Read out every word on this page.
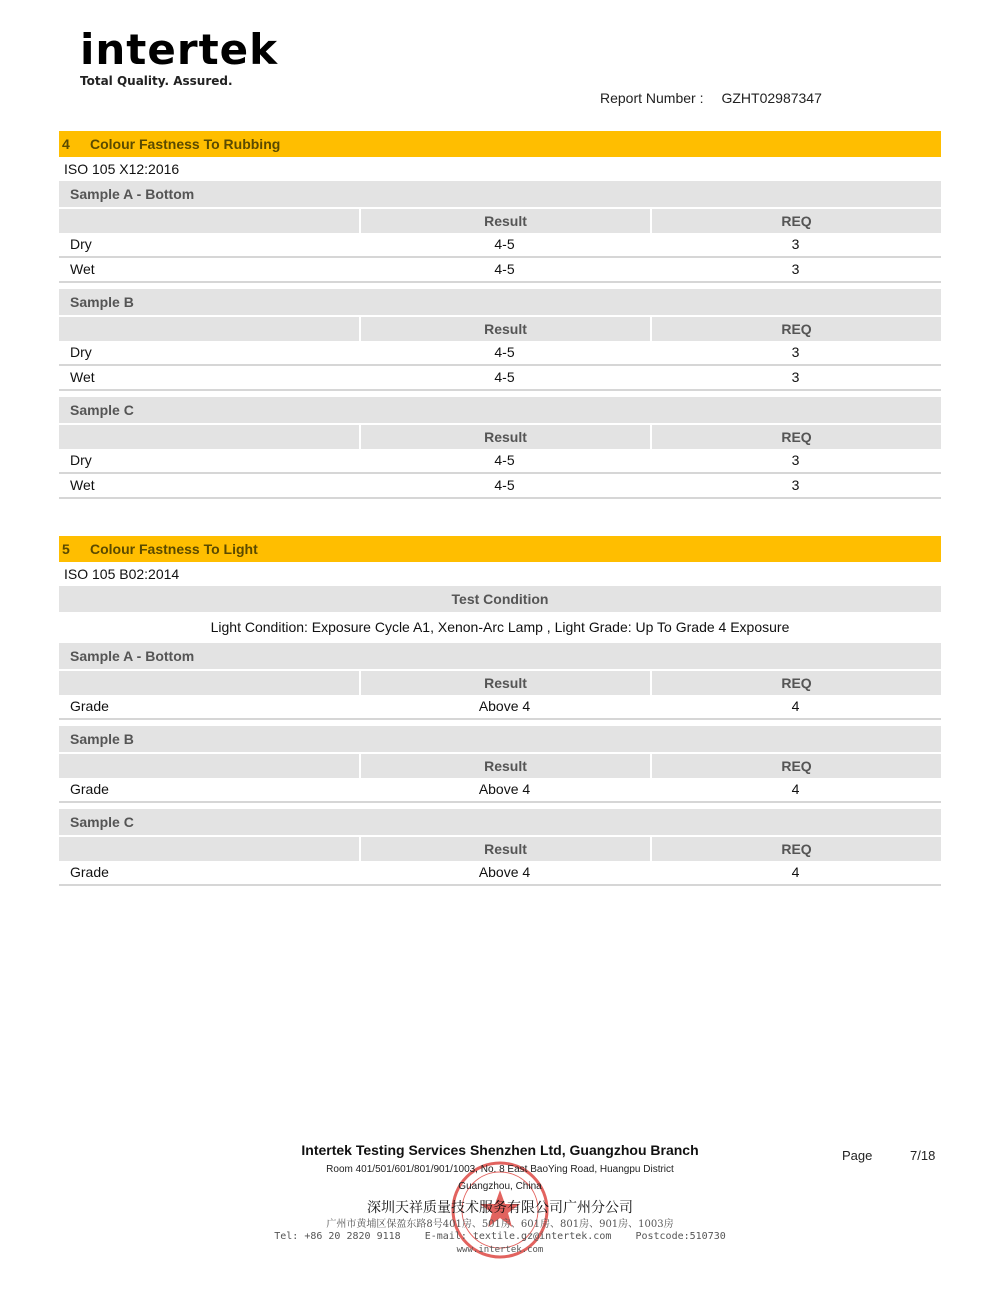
intertek
Total Quality. Assured.
Report Number : GZHT02987347
4 Colour Fastness To Rubbing
ISO 105 X12:2016
Sample A - Bottom
Result	REQ
Dry	4-5	3
Wet	4-5	3
Sample B
Result	REQ
Dry	4-5	3
Wet	4-5	3
Sample C
Result	REQ
Dry	4-5	3
Wet	4-5	3
5 Colour Fastness To Light
ISO 105 B02:2014
Test Condition
Light Condition: Exposure Cycle A1, Xenon-Arc Lamp , Light Grade: Up To Grade 4 Exposure
Sample A - Bottom
Result	REQ
Grade	Above 4	4
Sample B
Result	REQ
Grade	Above 4	4
Sample C
Result	REQ
Grade	Above 4	4
Intertek Testing Services Shenzhen Ltd, Guangzhou Branch
Room 401/501/601/801/901/1003, No. 8 East BaoYing Road, Huangpu District
Guangzhou, China
深圳天祥质量技术服务有限公司广州分公司
广州市黄埔区保盈东路8号401房、501房、601房、801房、901房、1003房
Tel: +86 20 2820 9118    E-mail: textile.gz@intertek.com    Postcode:510730
www.intertek.com
Page	7/18
